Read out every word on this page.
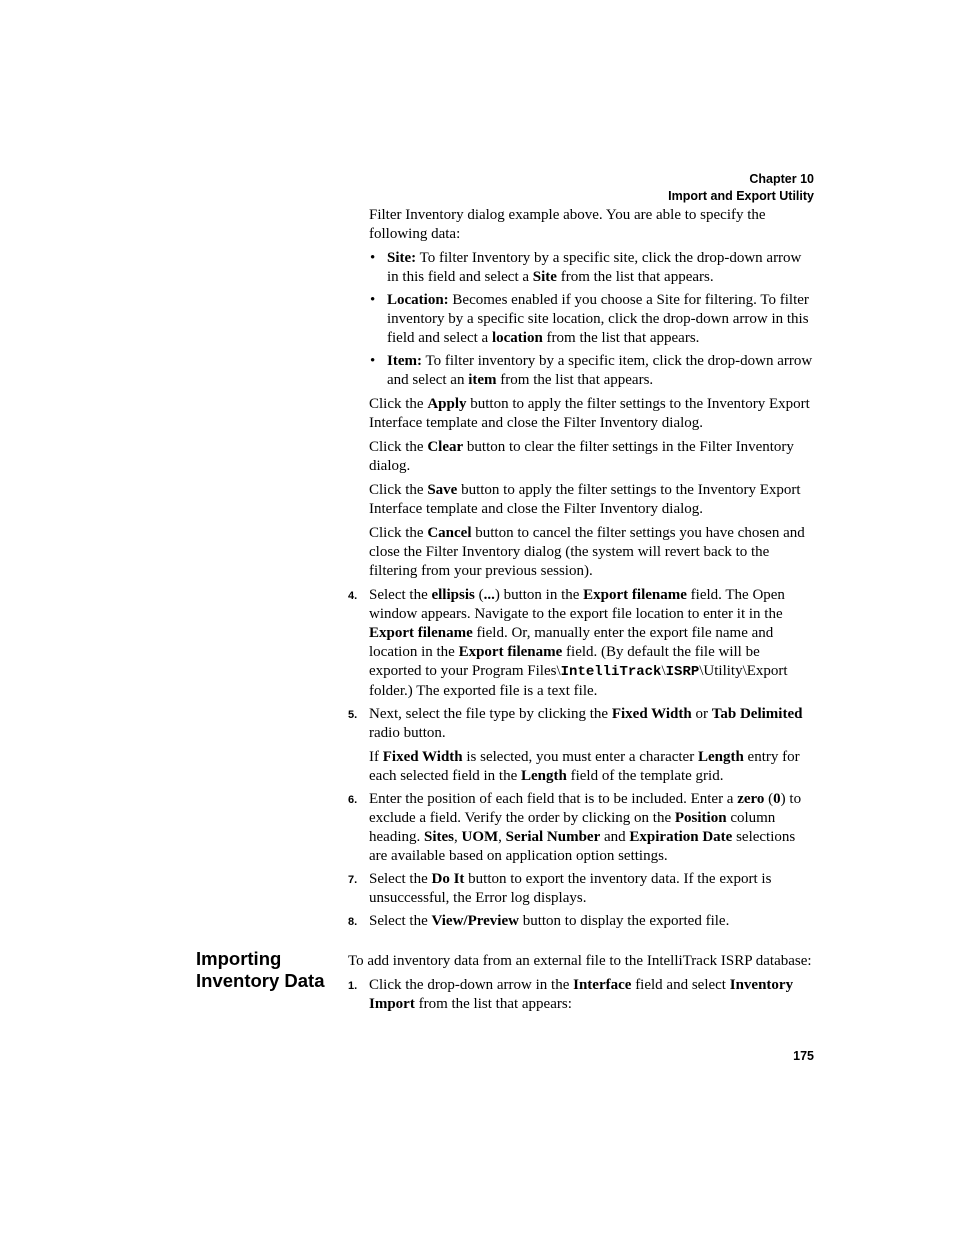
Chapter 10
Import and Export Utility

Filter Inventory dialog example above. You are able to specify the following data:

• Site: To filter Inventory by a specific site, click the drop-down arrow in this field and select a Site from the list that appears.
• Location: Becomes enabled if you choose a Site for filtering. To filter inventory by a specific site location, click the drop-down arrow in this field and select a location from the list that appears.
• Item: To filter inventory by a specific item, click the drop-down arrow and select an item from the list that appears.

Click the Apply button to apply the filter settings to the Inventory Export Interface template and close the Filter Inventory dialog.

Click the Clear button to clear the filter settings in the Filter Inventory dialog.

Click the Save button to apply the filter settings to the Inventory Export Interface template and close the Filter Inventory dialog.

Click the Cancel button to cancel the filter settings you have chosen and close the Filter Inventory dialog (the system will revert back to the filtering from your previous session).

4. Select the ellipsis (...) button in the Export filename field. The Open window appears. Navigate to the export file location to enter it in the Export filename field. Or, manually enter the export file name and location in the Export filename field. (By default the file will be exported to your Program Files\IntelliTrack\ISRP\Utility\Export folder.) The exported file is a text file.
5. Next, select the file type by clicking the Fixed Width or Tab Delimited radio button.

If Fixed Width is selected, you must enter a character Length entry for each selected field in the Length field of the template grid.

6. Enter the position of each field that is to be included. Enter a zero (0) to exclude a field. Verify the order by clicking on the Position column heading. Sites, UOM, Serial Number and Expiration Date selections are available based on application option settings.
7. Select the Do It button to export the inventory data. If the export is unsuccessful, the Error log displays.
8. Select the View/Preview button to display the exported file.
Importing Inventory Data

To add inventory data from an external file to the IntelliTrack ISRP database:

1. Click the drop-down arrow in the Interface field and select Inventory Import from the list that appears:
175
